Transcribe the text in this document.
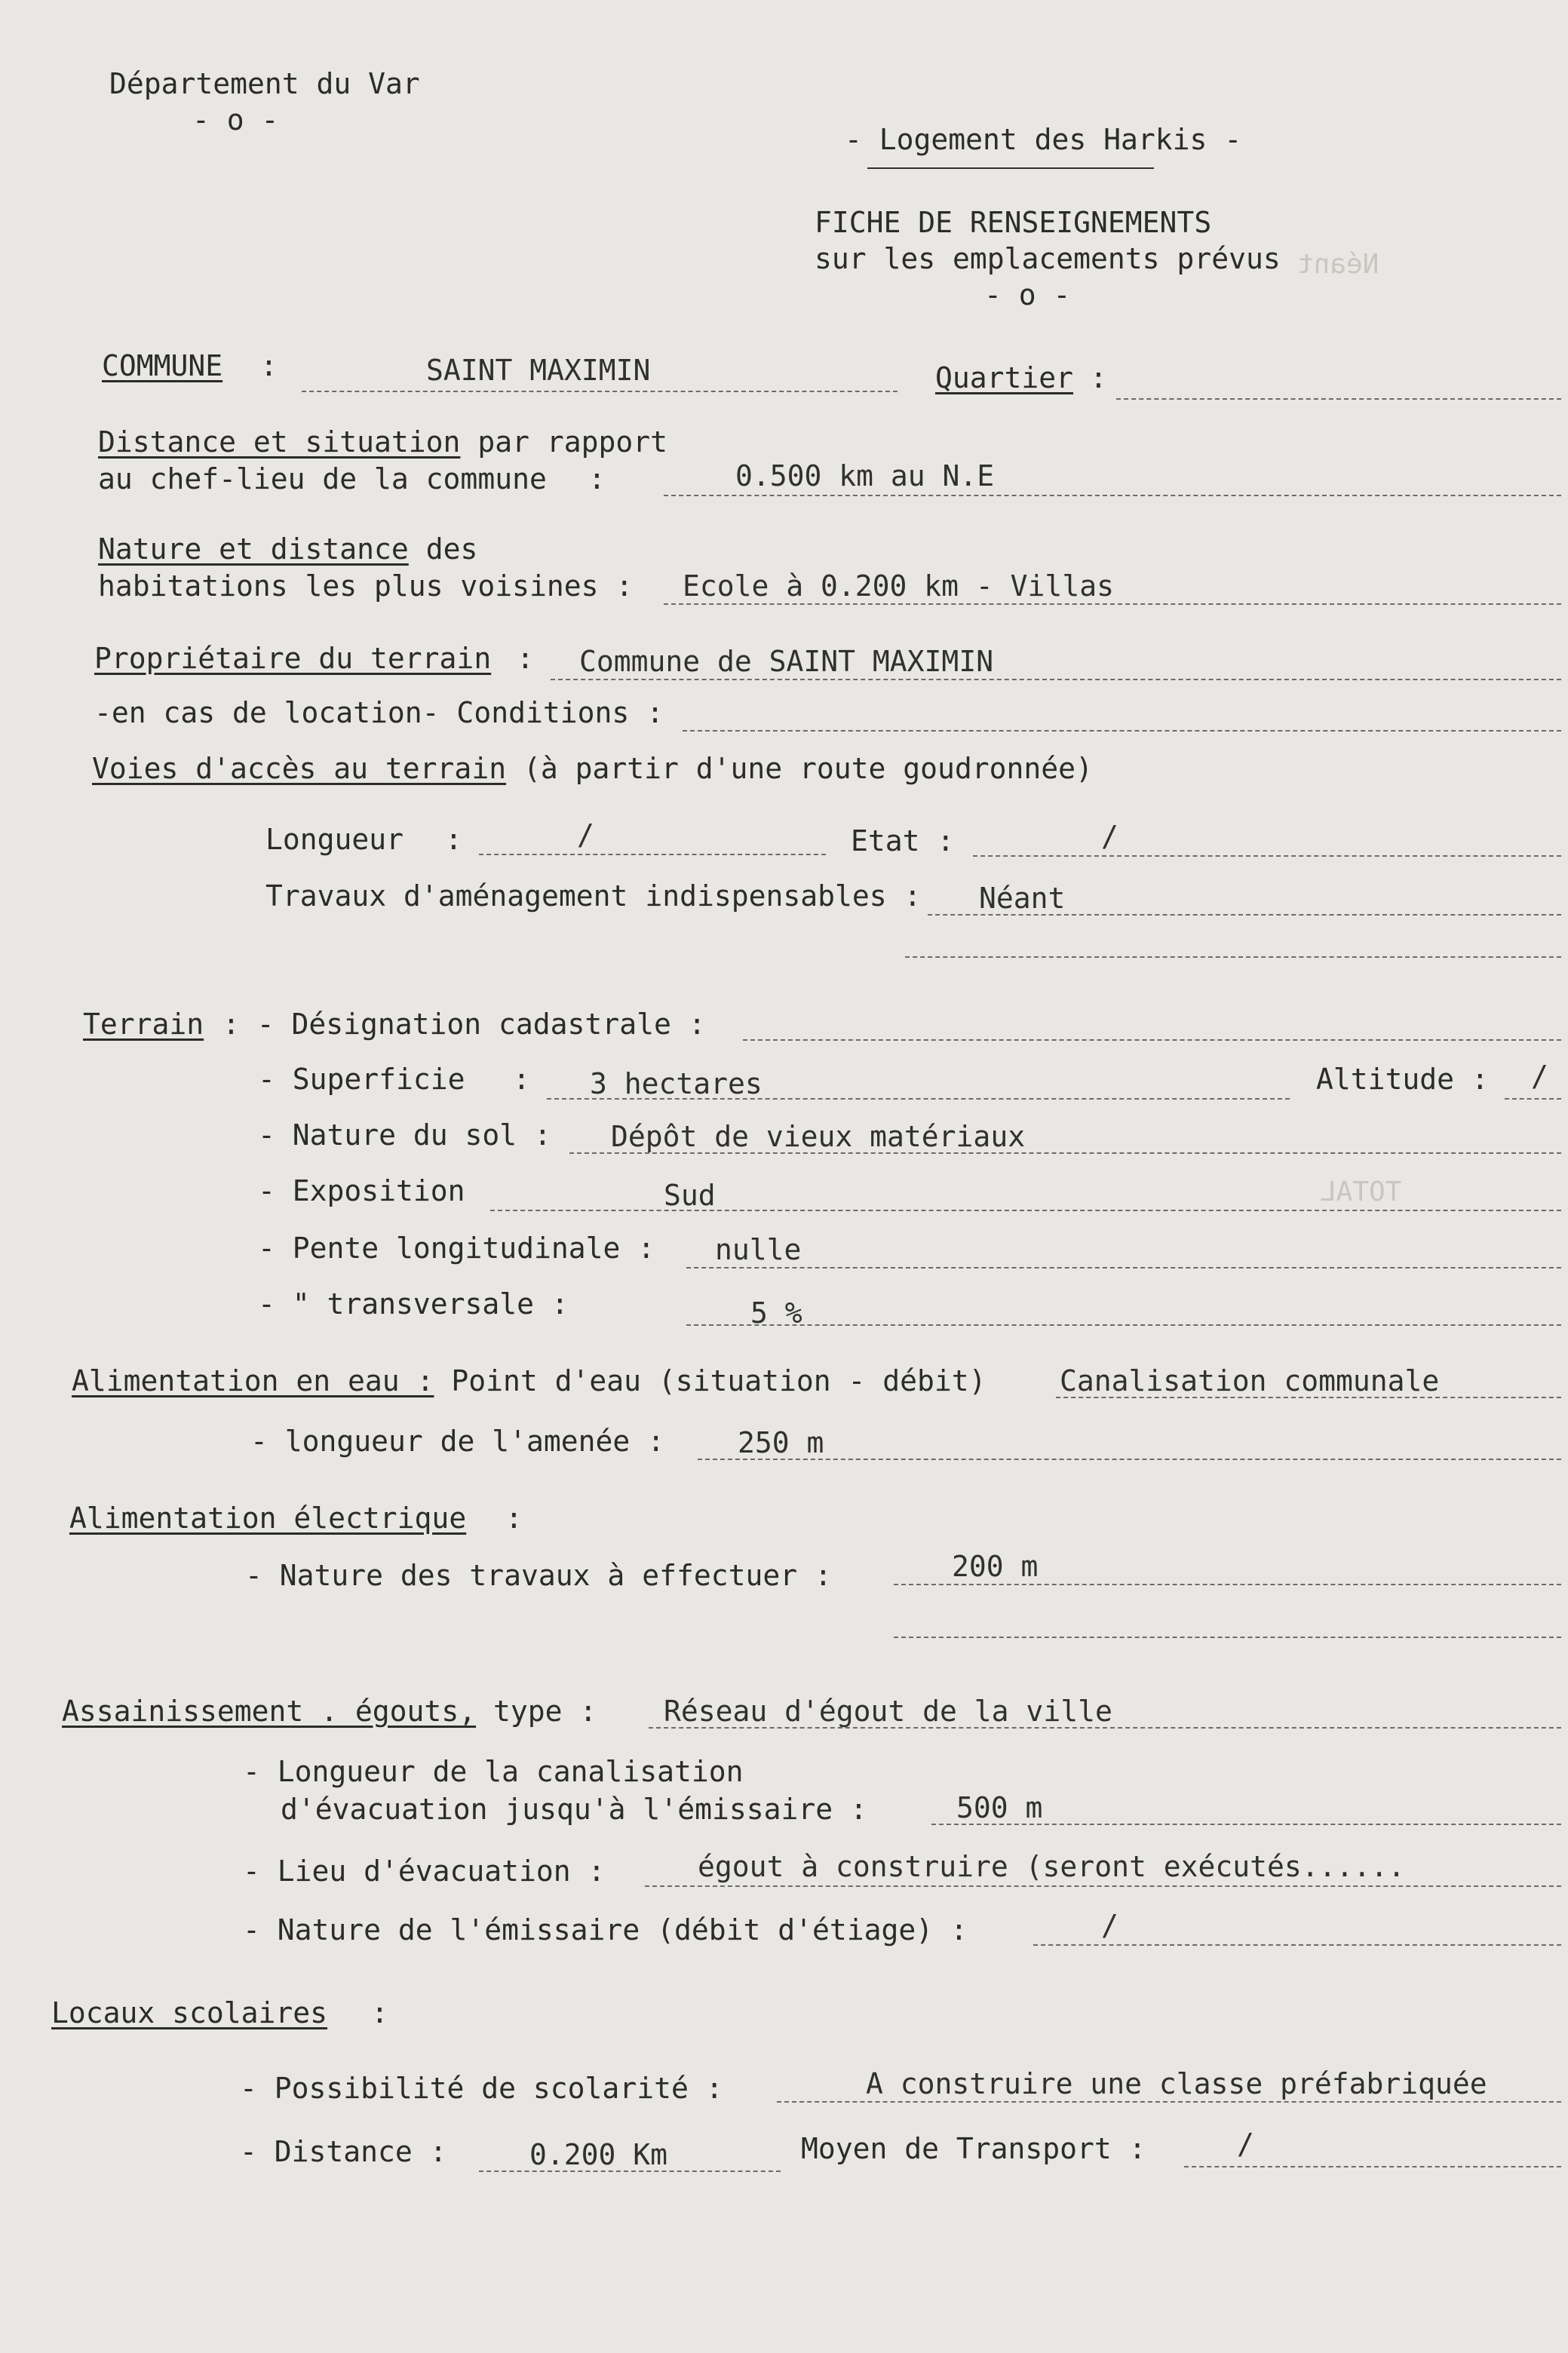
Néant
TOTAL
Département du Var
- o -
- Logement des Harkis -
FICHE DE RENSEIGNEMENTS
sur les emplacements prévus
- o -
COMMUNE :	SAINT MAXIMIN	Quartier :
Distance et situation par rapport
au chef-lieu de la commune :	0.500 km au N.E
Nature et distance des
habitations les plus voisines : Ecole à 0.200 km - Villas
Propriétaire du terrain : Commune de SAINT MAXIMIN
-en cas de location- Conditions :
Voies d'accès au terrain (à partir d'une route goudronnée)
Longueur :	/	Etat :	/
Travaux d'aménagement indispensables : Néant
Terrain : - Désignation cadastrale :
- Superficie : 3 hectares	Altitude : /
- Nature du sol : Dépôt de vieux matériaux
- Exposition	Sud
- Pente longitudinale : nulle
- " transversale :	5 %
Alimentation en eau : Point d'eau (situation - débit)	Canalisation communale
- longueur de l'amenée :	250 m
Alimentation électrique :
- Nature des travaux à effectuer :	200 m
Assainissement . égouts, type : Réseau d'égout de la ville
- Longueur de la canalisation
d'évacuation jusqu'à l'émissaire :	500 m
- Lieu d'évacuation :	égout à construire (seront exécutés......
- Nature de l'émissaire (débit d'étiage) :	/
Locaux scolaires :
- Possibilité de scolarité :	A construire une classe préfabriquée
- Distance :	0.200 Km	Moyen de Transport :	/
